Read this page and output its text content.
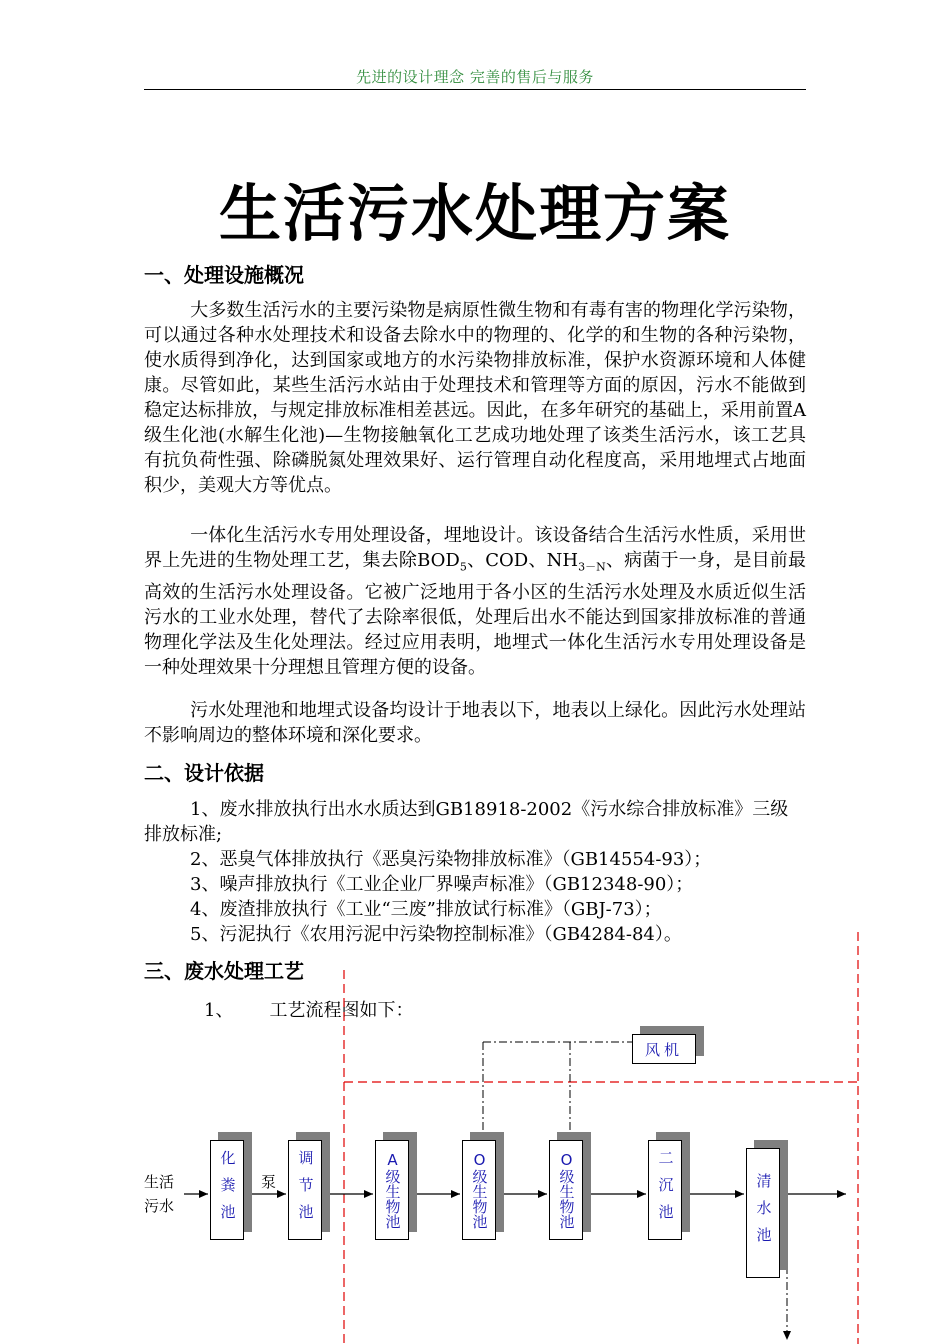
先进的设计理念 完善的售后与服务
生活污水处理方案
一、处理设施概况

大多数生活污水的主要污染物是病原性微生物和有毒有害的物理化学污染物，可以通过各种水处理技术和设备去除水中的物理的、化学的和生物的各种污染物，使水质得到净化，达到国家或地方的水污染物排放标准，保护水资源环境和人体健康。尽管如此，某些生活污水站由于处理技术和管理等方面的原因，污水不能做到稳定达标排放，与规定排放标准相差甚远。因此，在多年研究的基础上，采用前置A级生化池(水解生化池)—生物接触氧化工艺成功地处理了该类生活污水，该工艺具有抗负荷性强、除磷脱氮处理效果好、运行管理自动化程度高，采用地埋式占地面积少，美观大方等优点。

一体化生活污水专用处理设备，埋地设计。该设备结合生活污水性质，采用世界上先进的生物处理工艺，集去除$BOD_5$、COD、$NH_{3-N}$、病菌于一身，是目前最高效的生活污水处理设备。它被广泛地用于各小区的生活污水处理及水质近似生活污水的工业水处理，替代了去除率很低，处理后出水不能达到国家排放标准的普通物理化学法及生化处理法。经过应用表明，地埋式一体化生活污水专用处理设备是一种处理效果十分理想且管理方便的设备。

污水处理池和地埋式设备均设计于地表以下，地表以上绿化。因此污水处理站不影响周边的整体环境和深化要求。

二、设计依据
1、废水排放执行出水水质达到GB18918-2002《污水综合排放标准》三级排放标准;
2、恶臭气体排放执行《恶臭污染物排放标准》（GB14554-93）；
3、噪声排放执行《工业企业厂界噪声标准》（GB12348-90）；
4、废渣排放执行《工业“三废”排放试行标准》（GBJ-73）；
5、污泥执行《农用污泥中污染物控制标准》（GB4284-84）。
三、废水处理工艺
1、 工艺流程图如下：
风机
生活
污水
泵
化粪池	调节池	A级生物池	O级生物池	O级生物池	二沉池	清水池
